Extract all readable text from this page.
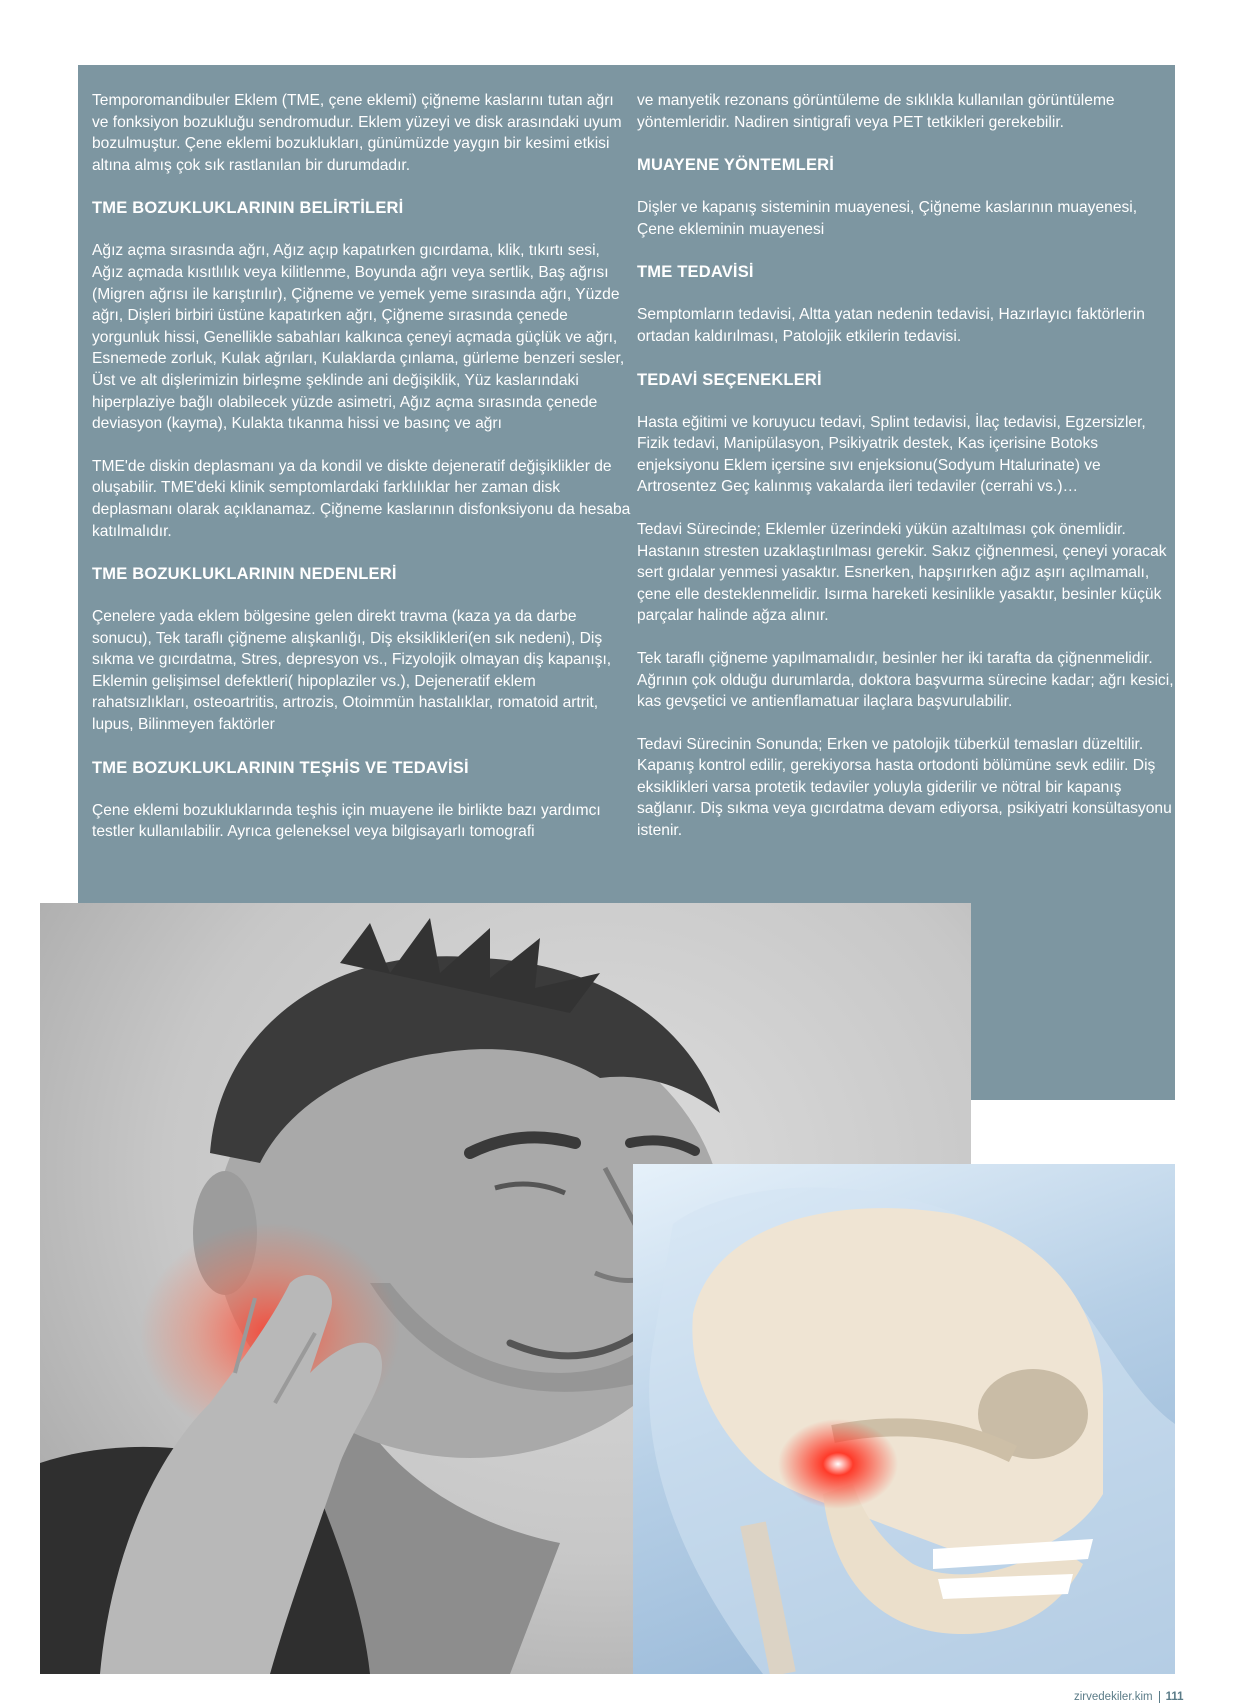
Temporomandibuler Eklem (TME, çene eklemi) çiğneme kaslarını tutan ağrı ve fonksiyon bozukluğu sendromudur. Eklem yüzeyi ve disk arasındaki uyum bozulmuştur. Çene eklemi bozuklukları, günümüzde yaygın bir kesimi etkisi altına almış çok sık rastlanılan bir durumdadır.

TME BOZUKLUKLARININ BELİRTİLERİ

Ağız açma sırasında ağrı, Ağız açıp kapatırken gıcırdama, klik, tıkırtı sesi, Ağız açmada kısıtlılık veya kilitlenme, Boyunda ağrı veya sertlik, Baş ağrısı (Migren ağrısı ile karıştırılır), Çiğneme ve yemek yeme sırasında ağrı, Yüzde ağrı, Dişleri birbiri üstüne kapatırken ağrı, Çiğneme sırasında çenede yorgunluk hissi, Genellikle sabahları kalkınca çeneyi açmada güçlük ve ağrı, Esnemede zorluk, Kulak ağrıları, Kulaklarda çınlama, gürleme benzeri sesler, Üst ve alt dişlerimizin birleşme şeklinde ani değişiklik, Yüz kaslarındaki hiperplaziye bağlı olabilecek yüzde asimetri, Ağız açma sırasında çenede deviasyon (kayma), Kulakta tıkanma hissi ve basınç ve ağrı

TME'de diskin deplasmanı ya da kondil ve diskte dejeneratif değişiklikler de oluşabilir. TME'deki klinik semptomlardaki farklılıklar her zaman disk deplasmanı olarak açıklanamaz. Çiğneme kaslarının disfonksiyonu da hesaba katılmalıdır.

TME BOZUKLUKLARININ NEDENLERİ

Çenelere yada eklem bölgesine gelen direkt travma (kaza ya da darbe sonucu), Tek taraflı çiğneme alışkanlığı, Diş eksiklikleri(en sık nedeni), Diş sıkma ve gıcırdatma, Stres, depresyon vs., Fizyolojik olmayan diş kapanışı, Eklemin gelişimsel defektleri( hipoplaziler vs.), Dejeneratif eklem rahatsızlıkları, osteoartritis, artrozis, Otoimmün hastalıklar, romatoid artrit, lupus, Bilinmeyen faktörler

TME BOZUKLUKLARININ TEŞHİS VE TEDAVİSİ

Çene eklemi bozukluklarında teşhis için muayene ile birlikte bazı yardımcı testler kullanılabilir. Ayrıca geleneksel veya bilgisayarlı tomografi

ve manyetik rezonans görüntüleme de sıklıkla kullanılan görüntüleme yöntemleridir. Nadiren sintigrafi veya PET tetkikleri gerekebilir.

MUAYENE YÖNTEMLERİ

Dişler ve kapanış sisteminin muayenesi, Çiğneme kaslarının muayenesi, Çene ekleminin muayenesi

TME TEDAVİSİ

Semptomların tedavisi, Altta yatan nedenin tedavisi, Hazırlayıcı faktörlerin ortadan kaldırılması, Patolojik etkilerin tedavisi.

TEDAVİ SEÇENEKLERİ

Hasta eğitimi ve koruyucu tedavi, Splint tedavisi, İlaç tedavisi, Egzersizler, Fizik tedavi, Manipülasyon, Psikiyatrik destek, Kas içerisine Botoks enjeksiyonu Eklem içersine sıvı enjeksionu(Sodyum Htalurinate) ve Artrosentez Geç kalınmış vakalarda ileri tedaviler (cerrahi vs.)…

Tedavi Sürecinde; Eklemler üzerindeki yükün azaltılması çok önemlidir. Hastanın stresten uzaklaştırılması gerekir. Sakız çiğnenmesi, çeneyi yoracak sert gıdalar yenmesi yasaktır. Esnerken, hapşırırken ağız aşırı açılmamalı, çene elle desteklenmelidir. Isırma hareketi kesinlikle yasaktır, besinler küçük parçalar halinde ağza alınır.

Tek taraflı çiğneme yapılmamalıdır, besinler her iki tarafta da çiğnenmelidir. Ağrının çok olduğu durumlarda, doktora başvurma sürecine kadar; ağrı kesici, kas gevşetici ve antienflamatuar ilaçlara başvurulabilir.

Tedavi Sürecinin Sonunda; Erken ve patolojik tüberkül temasları düzeltilir. Kapanış kontrol edilir, gerekiyorsa hasta ortodonti bölümüne sevk edilir. Diş eksiklikleri varsa protetik tedaviler yoluyla giderilir ve nötral bir kapanış sağlanır. Diş sıkma veya gıcırdatma devam ediyorsa, psikiyatri konsültasyonu istenir.

zirvedekiler.kim 111
